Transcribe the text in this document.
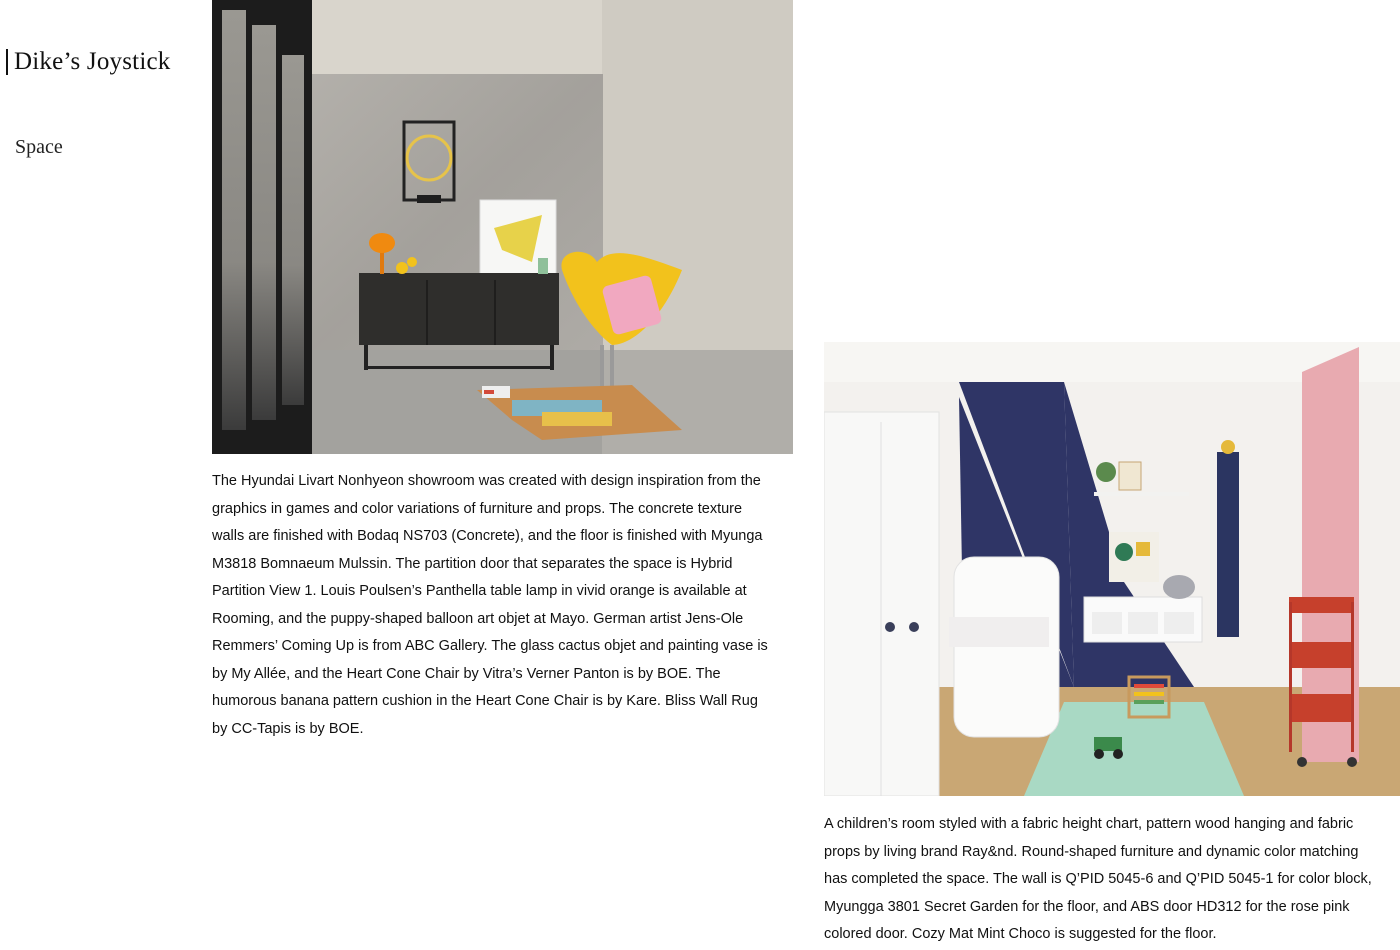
Dike’s Joystick
Space
The Hyundai Livart Nonhyeon showroom was created with design inspiration from the graphics in games and color variations of furniture and props. The concrete texture walls are finished with Bodaq NS703 (Concrete), and the floor is finished with Myunga M3818 Bomnaeum Mulssin. The partition door that separates the space is Hybrid Partition View 1. Louis Poulsen’s Panthella table lamp in vivid orange is available at Rooming, and the puppy-shaped balloon art objet at Mayo. German artist Jens-Ole Remmers’ Coming Up is from ABC Gallery. The glass cactus objet and painting vase is by My Allée, and the Heart Cone Chair by Vitra’s Verner Panton is by BOE. The humorous banana pattern cushion in the Heart Cone Chair is by Kare. Bliss Wall Rug by CC-Tapis is by BOE.
A children’s room styled with a fabric height chart, pattern wood hanging and fabric props by living brand Ray&nd. Round-shaped furniture and dynamic color matching has completed the space. The wall is Q’PID 5045-6 and Q’PID 5045-1 for color block, Myungga 3801 Secret Garden for the floor, and ABS door HD312 for the rose pink colored door. Cozy Mat Mint Choco is suggested for the floor.
